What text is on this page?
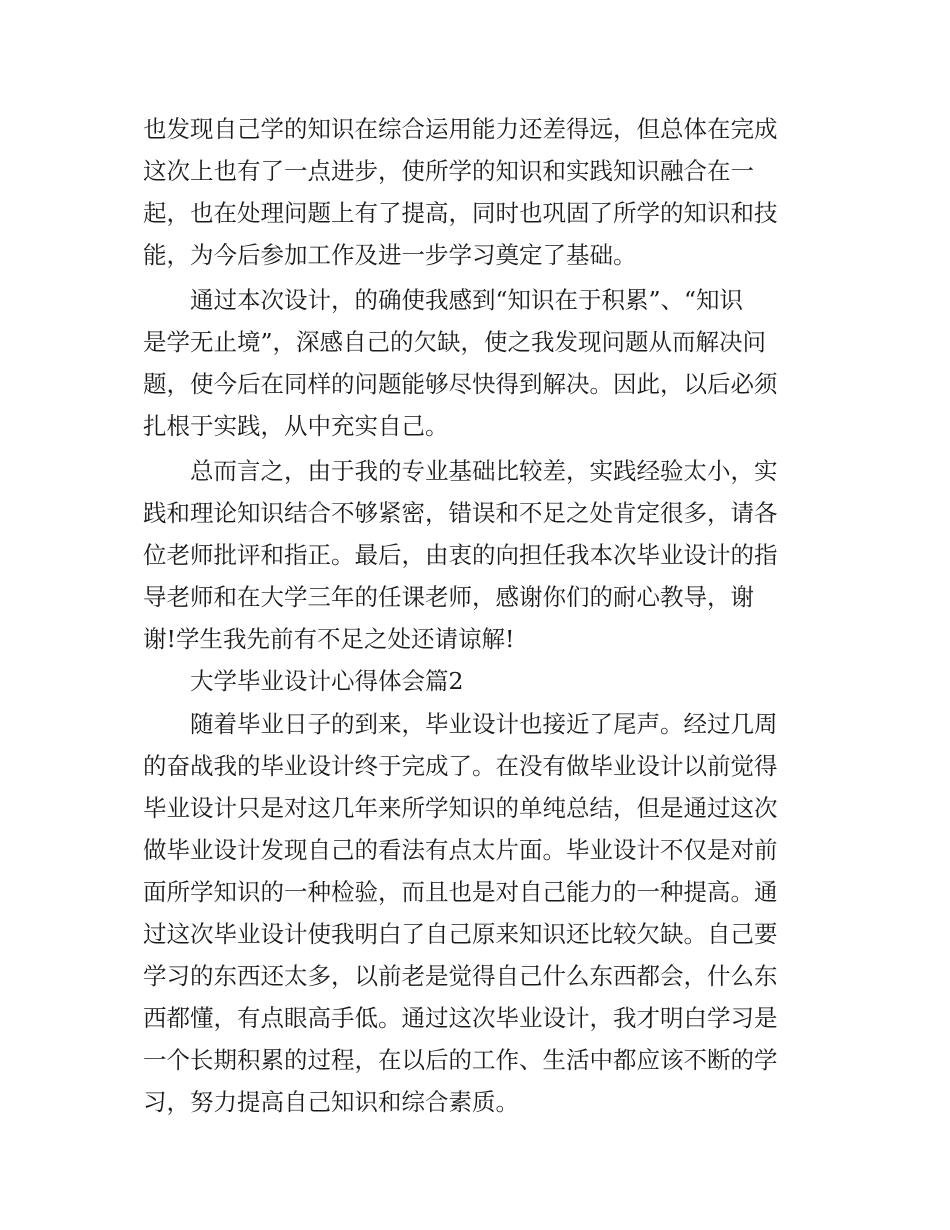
也发现自己学的知识在综合运用能力还差得远，但总体在完成
这次上也有了一点进步，使所学的知识和实践知识融合在一
起，也在处理问题上有了提高，同时也巩固了所学的知识和技
能，为今后参加工作及进一步学习奠定了基础。
通过本次设计，的确使我感到“知识在于积累”、“知识
是学无止境”，深感自己的欠缺，使之我发现问题从而解决问
题，使今后在同样的问题能够尽快得到解决。因此，以后必须
扎根于实践，从中充实自己。
总而言之，由于我的专业基础比较差，实践经验太小，实
践和理论知识结合不够紧密，错误和不足之处肯定很多，请各
位老师批评和指正。最后，由衷的向担任我本次毕业设计的指
导老师和在大学三年的任课老师，感谢你们的耐心教导，谢
谢!学生我先前有不足之处还请谅解!
大学毕业设计心得体会篇2
随着毕业日子的到来，毕业设计也接近了尾声。经过几周
的奋战我的毕业设计终于完成了。在没有做毕业设计以前觉得
毕业设计只是对这几年来所学知识的单纯总结，但是通过这次
做毕业设计发现自己的看法有点太片面。毕业设计不仅是对前
面所学知识的一种检验，而且也是对自己能力的一种提高。通
过这次毕业设计使我明白了自己原来知识还比较欠缺。自己要
学习的东西还太多，以前老是觉得自己什么东西都会，什么东
西都懂，有点眼高手低。通过这次毕业设计，我才明白学习是
一个长期积累的过程，在以后的工作、生活中都应该不断的学
习，努力提高自己知识和综合素质。
